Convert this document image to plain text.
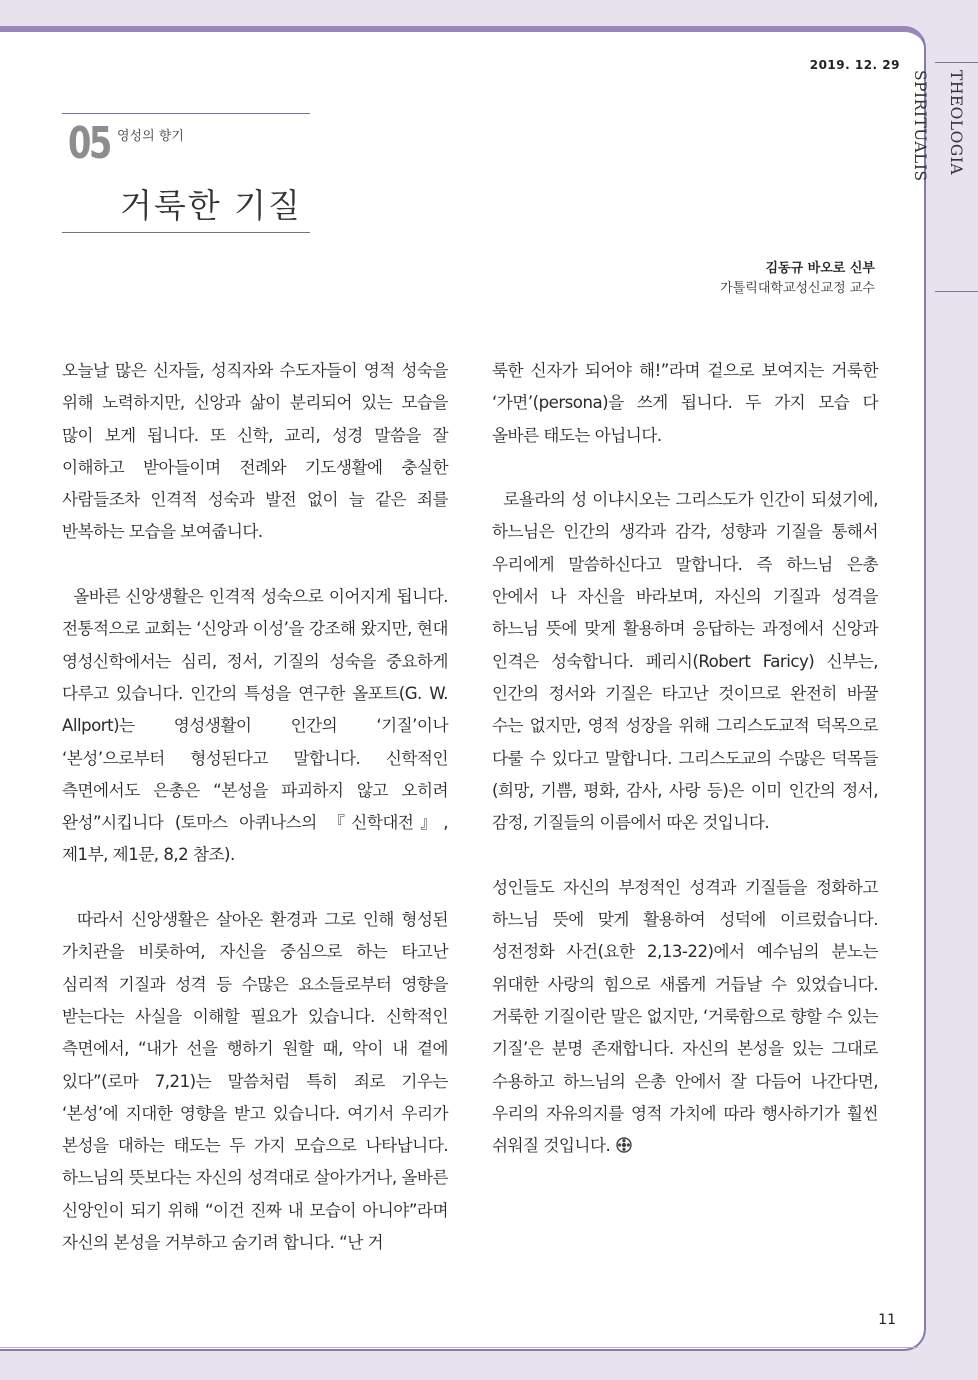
THEOLOGIA SPIRITUALIS
2019. 12. 29
05 영성의 향기
거룩한 기질
김동규 바오로 신부
가톨릭대학교성신교정 교수

오늘날 많은 신자들, 성직자와 수도자들이 영적 성숙을 위해 노력하지만, 신앙과 삶이 분리되어 있는 모습을 많이 보게 됩니다. 또 신학, 교리, 성경 말씀을 잘 이해하고 받아들이며 전례와 기도생활에 충실한 사람들조차 인격적 성숙과 발전 없이 늘 같은 죄를 반복하는 모습을 보여줍니다.

올바른 신앙생활은 인격적 성숙으로 이어지게 됩니다. 전통적으로 교회는 ‘신앙과 이성’을 강조해 왔지만, 현대 영성신학에서는 심리, 정서, 기질의 성숙을 중요하게 다루고 있습니다. 인간의 특성을 연구한 올포트(G. W. Allport)는 영성생활이 인간의 ‘기질’이나 ‘본성’으로부터 형성된다고 말합니다. 신학적인 측면에서도 은총은 “본성을 파괴하지 않고 오히려 완성”시킵니다 (토마스 아퀴나스의 『신학대전』, 제1부, 제1문, 8,2 참조).

따라서 신앙생활은 살아온 환경과 그로 인해 형성된 가치관을 비롯하여, 자신을 중심으로 하는 타고난 심리적 기질과 성격 등 수많은 요소들로부터 영향을 받는다는 사실을 이해할 필요가 있습니다. 신학적인 측면에서, “내가 선을 행하기 원할 때, 악이 내 곁에 있다”(로마 7,21)는 말씀처럼 특히 죄로 기우는 ‘본성’에 지대한 영향을 받고 있습니다. 여기서 우리가 본성을 대하는 태도는 두 가지 모습으로 나타납니다. 하느님의 뜻보다는 자신의 성격대로 살아가거나, 올바른 신앙인이 되기 위해 “이건 진짜 내 모습이 아니야”라며 자신의 본성을 거부하고 숨기려 합니다. “난 거

룩한 신자가 되어야 해!”라며 겉으로 보여지는 거룩한 ‘가면’(persona)을 쓰게 됩니다. 두 가지 모습 다 올바른 태도는 아닙니다.

로욜라의 성 이냐시오는 그리스도가 인간이 되셨기에, 하느님은 인간의 생각과 감각, 성향과 기질을 통해서 우리에게 말씀하신다고 말합니다. 즉 하느님 은총 안에서 나 자신을 바라보며, 자신의 기질과 성격을 하느님 뜻에 맞게 활용하며 응답하는 과정에서 신앙과 인격은 성숙합니다. 페리시(Robert Faricy) 신부는, 인간의 정서와 기질은 타고난 것이므로 완전히 바꿀 수는 없지만, 영적 성장을 위해 그리스도교적 덕목으로 다룰 수 있다고 말합니다. 그리스도교의 수많은 덕목들(희망, 기쁨, 평화, 감사, 사랑 등)은 이미 인간의 정서, 감정, 기질들의 이름에서 따온 것입니다.

성인들도 자신의 부정적인 성격과 기질들을 정화하고 하느님 뜻에 맞게 활용하여 성덕에 이르렀습니다. 성전정화 사건(요한 2,13-22)에서 예수님의 분노는 위대한 사랑의 힘으로 새롭게 거듭날 수 있었습니다. 거룩한 기질이란 말은 없지만, ‘거룩함으로 향할 수 있는 기질’은 분명 존재합니다. 자신의 본성을 있는 그대로 수용하고 하느님의 은총 안에서 잘 다듬어 나간다면, 우리의 자유의지를 영적 가치에 따라 행사하기가 훨씬 쉬워질 것입니다.

11
